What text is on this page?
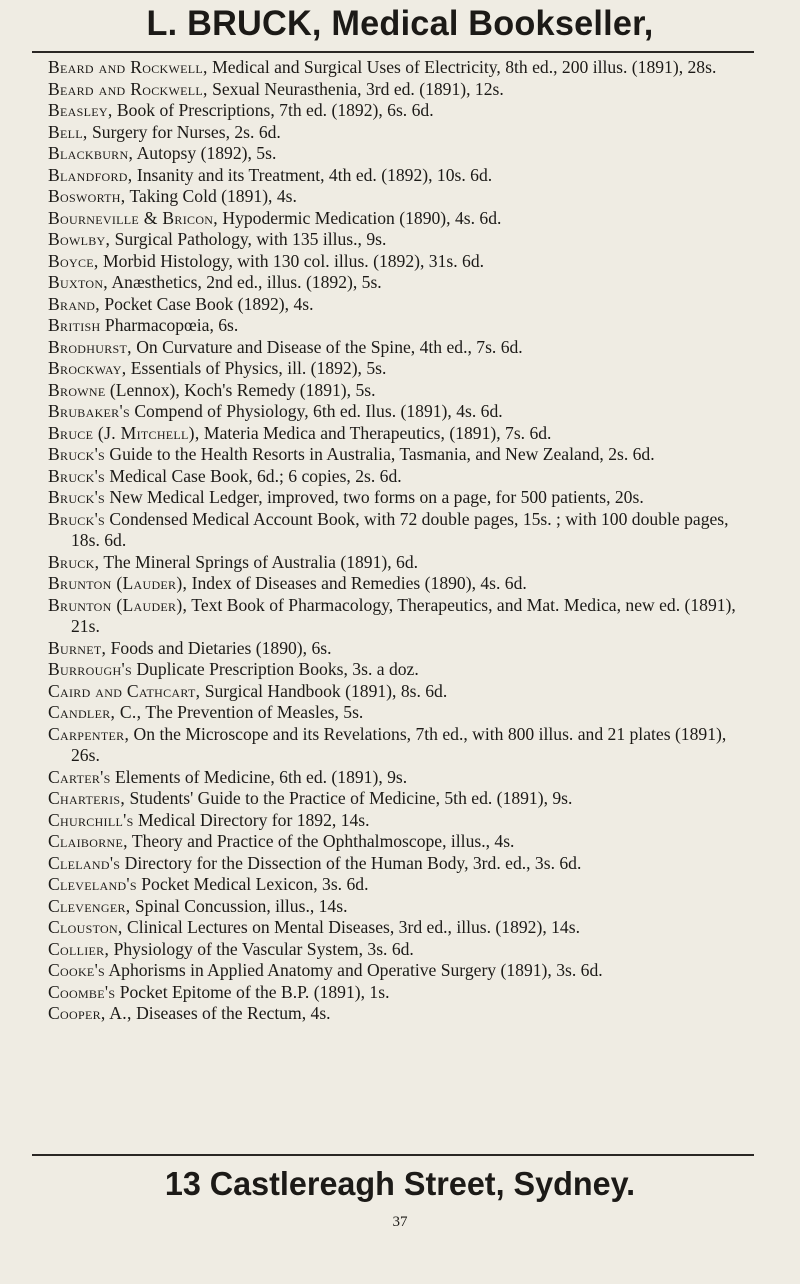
L. BRUCK, Medical Bookseller,
Beard and Rockwell, Medical and Surgical Uses of Electricity, 8th ed., 200 illus. (1891), 28s.
Beard and Rockwell, Sexual Neurasthenia, 3rd ed. (1891), 12s.
Beasley, Book of Prescriptions, 7th ed. (1892), 6s. 6d.
Bell, Surgery for Nurses, 2s. 6d.
Blackburn, Autopsy (1892), 5s.
Blandford, Insanity and its Treatment, 4th ed. (1892), 10s. 6d.
Bosworth, Taking Cold (1891), 4s.
Bourneville & Bricon, Hypodermic Medication (1890), 4s. 6d.
Bowlby, Surgical Pathology, with 135 illus., 9s.
Boyce, Morbid Histology, with 130 col. illus. (1892), 31s. 6d.
Buxton, Anæsthetics, 2nd ed., illus. (1892), 5s.
Brand, Pocket Case Book (1892), 4s.
British Pharmacopœia, 6s.
Brodhurst, On Curvature and Disease of the Spine, 4th ed., 7s. 6d.
Brockway, Essentials of Physics, ill. (1892), 5s.
Browne (Lennox), Koch's Remedy (1891), 5s.
Brubaker's Compend of Physiology, 6th ed. Ilus. (1891), 4s. 6d.
Bruce (J. Mitchell), Materia Medica and Therapeutics, (1891), 7s. 6d.
Bruck's Guide to the Health Resorts in Australia, Tasmania, and New Zealand, 2s. 6d.
Bruck's Medical Case Book, 6d.; 6 copies, 2s. 6d.
Bruck's New Medical Ledger, improved, two forms on a page, for 500 patients, 20s.
Bruck's Condensed Medical Account Book, with 72 double pages, 15s. ; with 100 double pages, 18s. 6d.
Bruck, The Mineral Springs of Australia (1891), 6d.
Brunton (Lauder), Index of Diseases and Remedies (1890), 4s. 6d.
Brunton (Lauder), Text Book of Pharmacology, Therapeutics, and Mat. Medica, new ed. (1891), 21s.
Burnet, Foods and Dietaries (1890), 6s.
Burrough's Duplicate Prescription Books, 3s. a doz.
Caird and Cathcart, Surgical Handbook (1891), 8s. 6d.
Candler, C., The Prevention of Measles, 5s.
Carpenter, On the Microscope and its Revelations, 7th ed., with 800 illus. and 21 plates (1891), 26s.
Carter's Elements of Medicine, 6th ed. (1891), 9s.
Charteris, Students' Guide to the Practice of Medicine, 5th ed. (1891), 9s.
Churchill's Medical Directory for 1892, 14s.
Claiborne, Theory and Practice of the Ophthalmoscope, illus., 4s.
Cleland's Directory for the Dissection of the Human Body, 3rd. ed., 3s. 6d.
Cleveland's Pocket Medical Lexicon, 3s. 6d.
Clevenger, Spinal Concussion, illus., 14s.
Clouston, Clinical Lectures on Mental Diseases, 3rd ed., illus. (1892), 14s.
Collier, Physiology of the Vascular System, 3s. 6d.
Cooke's Aphorisms in Applied Anatomy and Operative Surgery (1891), 3s. 6d.
Coombe's Pocket Epitome of the B.P. (1891), 1s.
Cooper, A., Diseases of the Rectum, 4s.
13 Castlereagh Street, Sydney.
37
